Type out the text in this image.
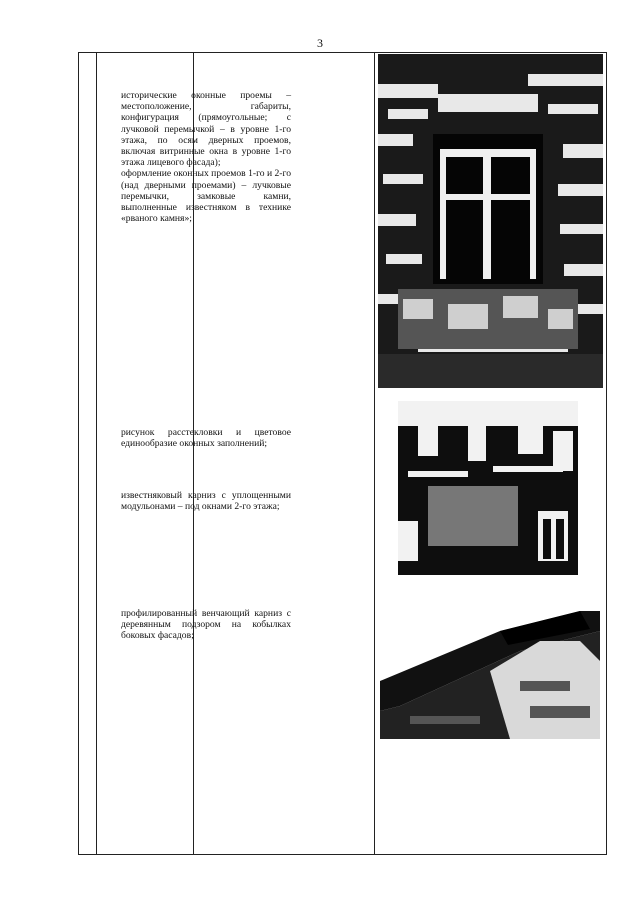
3

исторические оконные проемы – местоположение, габариты, конфигурация (прямоугольные; с лучковой перемычкой – в уровне 1-го этажа, по осям дверных проемов, включая витринные окна в уровне 1-го этажа лицевого фасада);

оформление оконных проемов 1-го и 2-го (над дверными проемами) – лучковые перемычки, замковые камни, выполненные известняком в технике «рваного камня»;

рисунок расстекловки и цветовое единообразие оконных заполнений;

известняковый карниз с уплощенными модульонами – под окнами 2-го этажа;

профилированный венчающий карниз с деревянным подзором на кобылках боковых фасадов;
